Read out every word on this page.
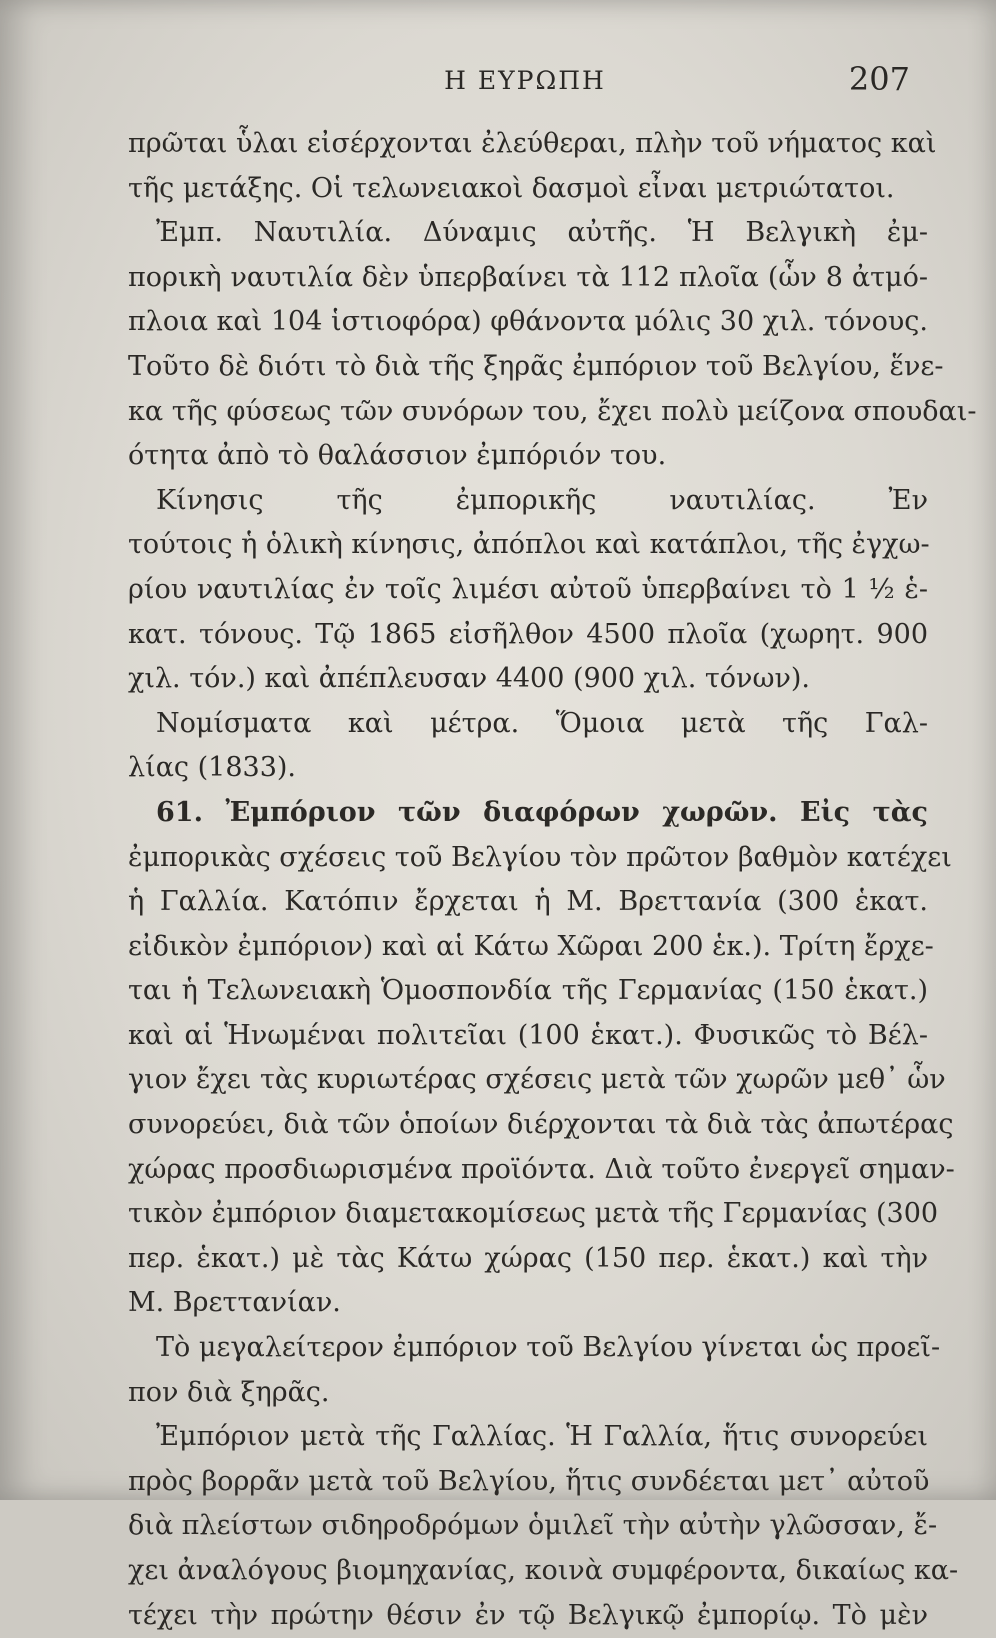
Η ΕΥΡΩΠΗ	207
πρῶται ὗλαι εἰσέρχονται ἐλεύθεραι, πλὴν τοῦ νήματος καὶ
τῆς μετάξης. Οἱ τελωνειακοὶ δασμοὶ εἶναι μετριώτατοι.
Ἐμπ. Ναυτιλία. Δύναμις αὐτῆς. Ἡ Βελγικὴ ἐμ-
πορικὴ ναυτιλία δὲν ὑπερβαίνει τὰ 112 πλοῖα (ὧν 8 ἀτμό-
πλοια καὶ 104 ἱστιοφόρα) φθάνοντα μόλις 30 χιλ. τόνους.
Τοῦτο δὲ διότι τὸ διὰ τῆς ξηρᾶς ἐμπόριον τοῦ Βελγίου, ἕνε-
κα τῆς φύσεως τῶν συνόρων του, ἔχει πολὺ μείζονα σπουδαι-
ότητα ἀπὸ τὸ θαλάσσιον ἐμπόριόν του.
Κίνησις τῆς ἐμπορικῆς ναυτιλίας. Ἐν
τούτοις ἡ ὁλικὴ κίνησις, ἀπόπλοι καὶ κατάπλοι, τῆς ἐγχω-
ρίου ναυτιλίας ἐν τοῖς λιμέσι αὐτοῦ ὑπερβαίνει τὸ 1 ½ ἑ-
κατ. τόνους. Τῷ 1865 εἰσῆλθον 4500 πλοῖα (χωρητ. 900
χιλ. τόν.) καὶ ἀπέπλευσαν 4400 (900 χιλ. τόνων).
Νομίσματα καὶ μέτρα. Ὅμοια μετὰ τῆς Γαλ-
λίας (1833).
61. Ἐμπόριον τῶν διαφόρων χωρῶν. Εἰς τὰς
ἐμπορικὰς σχέσεις τοῦ Βελγίου τὸν πρῶτον βαθμὸν κατέχει
ἡ Γαλλία. Κατόπιν ἔρχεται ἡ Μ. Βρεττανία (300 ἑκατ.
εἰδικὸν ἐμπόριον) καὶ αἱ Κάτω Χῶραι 200 ἑκ.). Τρίτη ἔρχε-
ται ἡ Τελωνειακὴ Ὁμοσπονδία τῆς Γερμανίας (150 ἑκατ.)
καὶ αἱ Ἡνωμέναι πολιτεῖαι (100 ἑκατ.). Φυσικῶς τὸ Βέλ-
γιον ἔχει τὰς κυριωτέρας σχέσεις μετὰ τῶν χωρῶν μεθ᾽ ὧν
συνορεύει, διὰ τῶν ὁποίων διέρχονται τὰ διὰ τὰς ἀπωτέρας
χώρας προσδιωρισμένα προϊόντα. Διὰ τοῦτο ἐνεργεῖ σημαν-
τικὸν ἐμπόριον διαμετακομίσεως μετὰ τῆς Γερμανίας (300
περ. ἑκατ.) μὲ τὰς Κάτω χώρας (150 περ. ἑκατ.) καὶ τὴν
Μ. Βρεττανίαν.
Τὸ μεγαλείτερον ἐμπόριον τοῦ Βελγίου γίνεται ὡς προεῖ-
πον διὰ ξηρᾶς.
Ἐμπόριον μετὰ τῆς Γαλλίας. Ἡ Γαλλία, ἥτις συνορεύει
πρὸς βορρᾶν μετὰ τοῦ Βελγίου, ἥτις συνδέεται μετ᾽ αὐτοῦ
διὰ πλείστων σιδηροδρόμων ὁμιλεῖ τὴν αὐτὴν γλῶσσαν, ἔ-
χει ἀναλόγους βιομηχανίας, κοινὰ συμφέροντα, δικαίως κα-
τέχει τὴν πρώτην θέσιν ἐν τῷ Βελγικῷ ἐμπορίῳ. Τὸ μὲν
